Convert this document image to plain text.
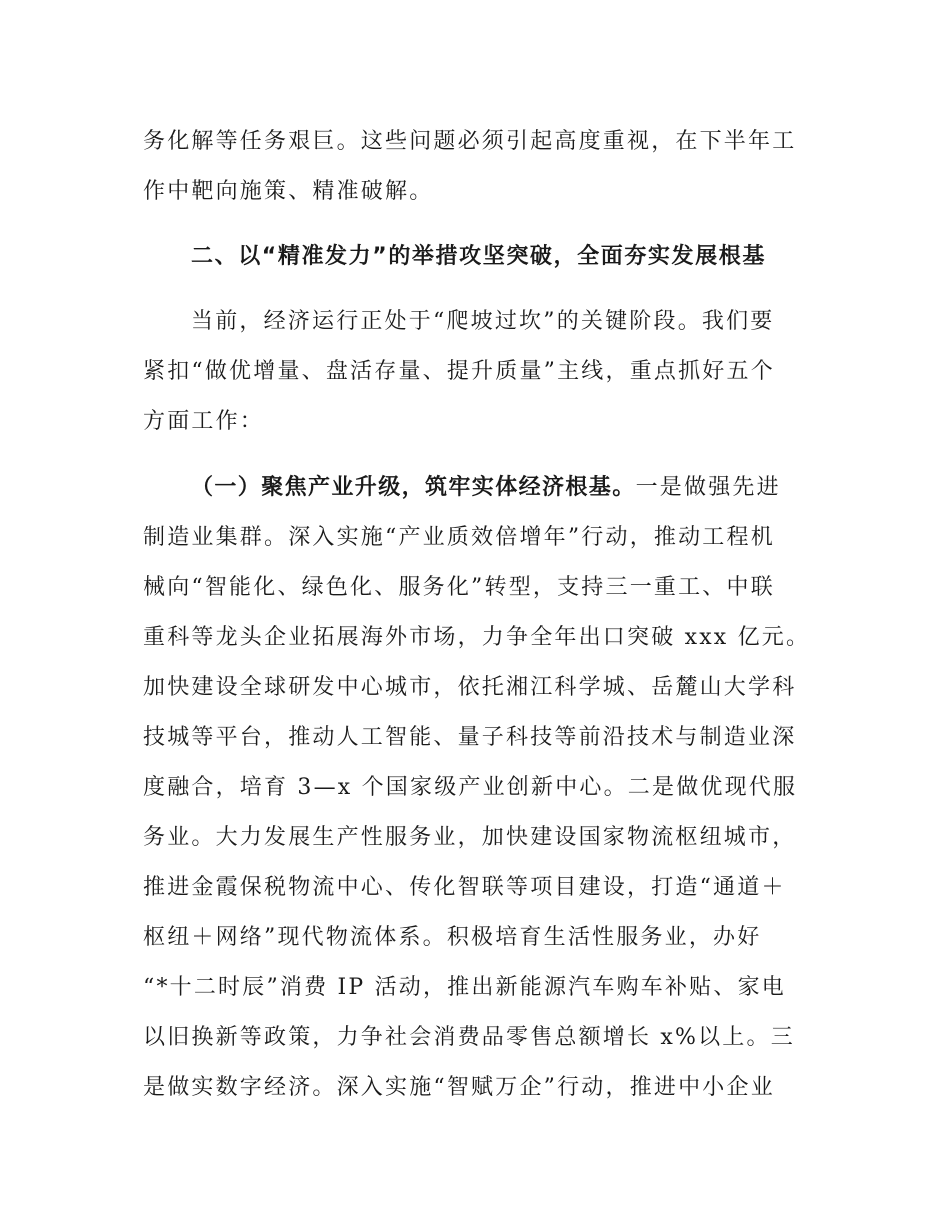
务化解等任务艰巨。这些问题必须引起高度重视，在下半年工
作中靶向施策、精准破解。
二、以“精准发力”的举措攻坚突破，全面夯实发展根基
当前，经济运行正处于“爬坡过坎”的关键阶段。我们要
紧扣“做优增量、盘活存量、提升质量”主线，重点抓好五个
方面工作：
（一）聚焦产业升级，筑牢实体经济根基。一是做强先进
制造业集群。深入实施“产业质效倍增年”行动，推动工程机
械向“智能化、绿色化、服务化”转型，支持三一重工、中联
重科等龙头企业拓展海外市场，力争全年出口突破 xxx 亿元。
加快建设全球研发中心城市，依托湘江科学城、岳麓山大学科
技城等平台，推动人工智能、量子科技等前沿技术与制造业深
度融合，培育 3—x 个国家级产业创新中心。二是做优现代服
务业。大力发展生产性服务业，加快建设国家物流枢纽城市，
推进金霞保税物流中心、传化智联等项目建设，打造“通道＋
枢纽＋网络”现代物流体系。积极培育生活性服务业，办好
“*十二时辰”消费 IP 活动，推出新能源汽车购车补贴、家电
以旧换新等政策，力争社会消费品零售总额增长 x%以上。三
是做实数字经济。深入实施“智赋万企”行动，推进中小企业
